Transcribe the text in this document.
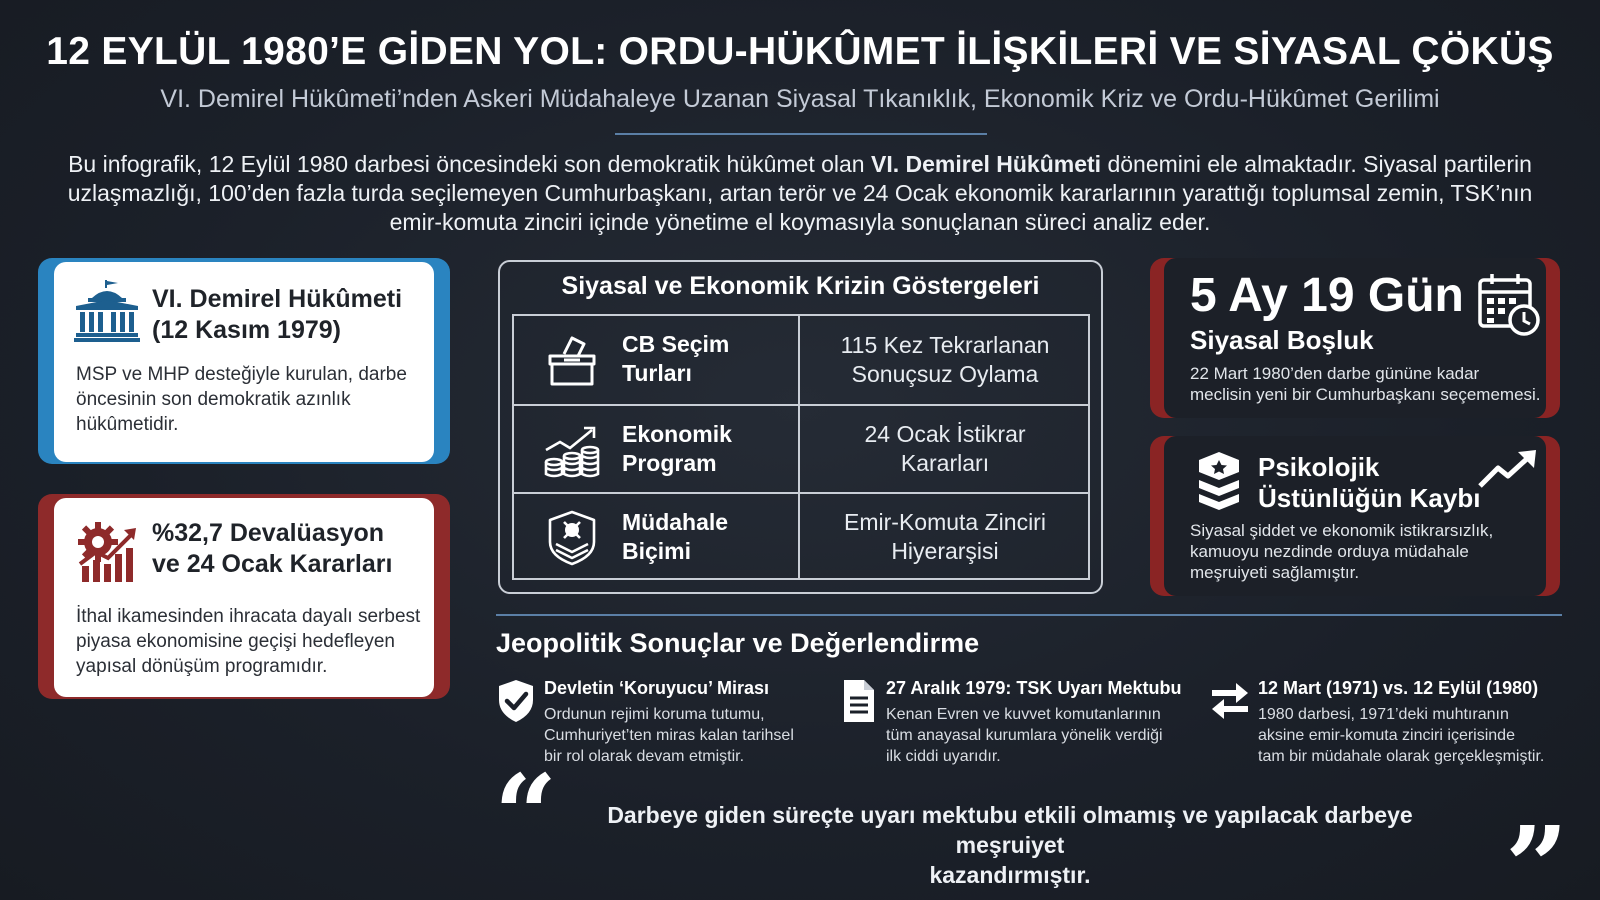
12 EYLÜL 1980’E GİDEN YOL: ORDU-HÜKÛMET İLİŞKİLERİ VE SİYASAL ÇÖKÜŞ
VI. Demirel Hükûmeti’nden Askeri Müdahaleye Uzanan Siyasal Tıkanıklık, Ekonomik Kriz ve Ordu-Hükûmet Gerilimi
Bu infografik, 12 Eylül 1980 darbesi öncesindeki son demokratik hükûmet olan VI. Demirel Hükûmeti dönemini ele almaktadır. Siyasal partilerin uzlaşmazlığı, 100’den fazla turda seçilemeyen Cumhurbaşkanı, artan terör ve 24 Ocak ekonomik kararlarının yarattığı toplumsal zemin, TSK’nın emir-komuta zinciri içinde yönetime el koymasıyla sonuçlanan süreci analiz eder.
VI. Demirel Hükûmeti
(12 Kasım 1979)
MSP ve MHP desteğiyle kurulan, darbe öncesinin son demokratik azınlık hükûmetidir.
%32,7 Devalüasyon
ve 24 Ocak Kararları
İthal ikamesinden ihracata dayalı serbest piyasa ekonomisine geçişi hedefleyen yapısal dönüşüm programıdır.
Siyasal ve Ekonomik Krizin Göstergeleri
CB Seçim
Turları
115 Kez Tekrarlanan
Sonuçsuz Oylama
Ekonomik
Program
24 Ocak İstikrar
Kararları
Müdahale
Biçimi
Emir-Komuta Zinciri
Hiyerarşisi
5 Ay 19 Gün
Siyasal Boşluk
22 Mart 1980’den darbe gününe kadar
meclisin yeni bir Cumhurbaşkanı seçememesi.
Psikolojik
Üstünlüğün Kaybı
Siyasal şiddet ve ekonomik istikrarsızlık,
kamuoyu nezdinde orduya müdahale
meşruiyeti sağlamıştır.
Jeopolitik Sonuçlar ve Değerlendirme
Devletin ‘Koruyucu’ Mirası
Ordunun rejimi koruma tutumu,
Cumhuriyet’ten miras kalan tarihsel
bir rol olarak devam etmiştir.
27 Aralık 1979: TSK Uyarı Mektubu
Kenan Evren ve kuvvet komutanlarının
tüm anayasal kurumlara yönelik verdiği
ilk ciddi uyarıdır.
12 Mart (1971) vs. 12 Eylül (1980)
1980 darbesi, 1971’deki muhtıranın
aksine emir-komuta zinciri içerisinde
tam bir müdahale olarak gerçekleşmiştir.
“	Darbeye giden süreçte uyarı mektubu etkili olmamış ve yapılacak darbeye meşruiyet
kazandırmıştır.	”
